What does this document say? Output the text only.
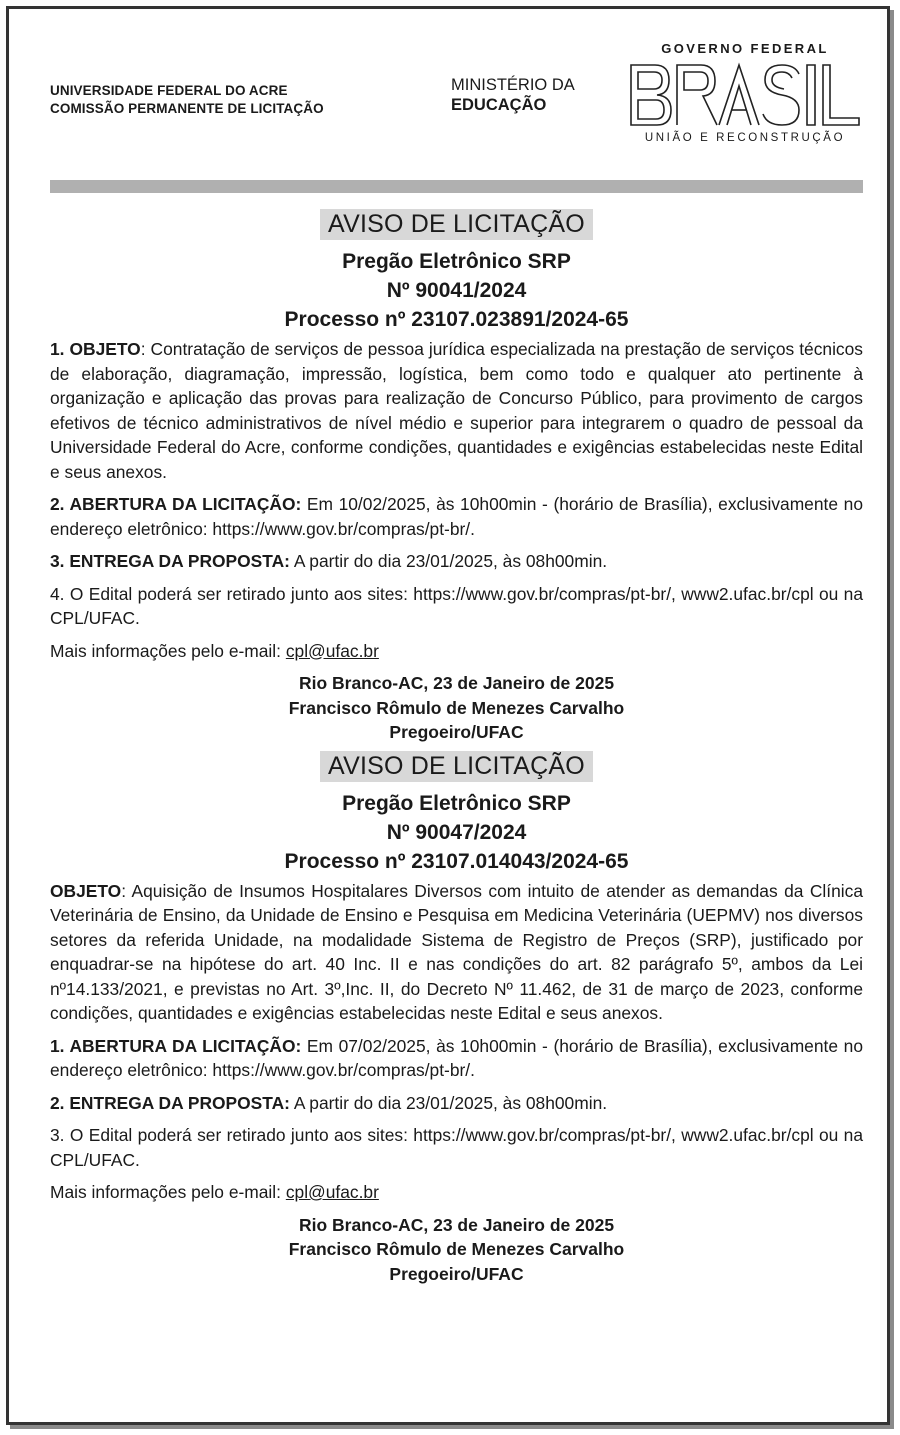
UNIVERSIDADE FEDERAL DO ACRE
COMISSÃO PERMANENTE DE LICITAÇÃO
MINISTÉRIO DA
EDUCAÇÃO
GOVERNO FEDERAL
UNIÃO E RECONSTRUÇÃO
AVISO DE LICITAÇÃO
Pregão Eletrônico SRP
Nº 90041/2024
Processo nº 23107.023891/2024-65

1. OBJETO: Contratação de serviços de pessoa jurídica especializada na prestação de serviços técnicos de elaboração, diagramação, impressão, logística, bem como todo e qualquer ato pertinente à organização e aplicação das provas para realização de Concurso Público, para provimento de cargos efetivos de técnico administrativos de nível médio e superior para integrarem o quadro de pessoal da Universidade Federal do Acre, conforme condições, quantidades e exigências estabelecidas neste Edital e seus anexos.

2. ABERTURA DA LICITAÇÃO: Em 10/02/2025, às 10h00min - (horário de Brasília), exclusivamente no endereço eletrônico: https://www.gov.br/compras/pt-br/.

3. ENTREGA DA PROPOSTA: A partir do dia 23/01/2025, às 08h00min.

4. O Edital poderá ser retirado junto aos sites: https://www.gov.br/compras/pt-br/, www2.ufac.br/cpl ou na CPL/UFAC.

Mais informações pelo e-mail: cpl@ufac.br

Rio Branco-AC, 23 de Janeiro de 2025
Francisco Rômulo de Menezes Carvalho
Pregoeiro/UFAC
AVISO DE LICITAÇÃO
Pregão Eletrônico SRP
Nº 90047/2024
Processo nº 23107.014043/2024-65

OBJETO: Aquisição de Insumos Hospitalares Diversos com intuito de atender as demandas da Clínica Veterinária de Ensino, da Unidade de Ensino e Pesquisa em Medicina Veterinária (UEPMV) nos diversos setores da referida Unidade, na modalidade Sistema de Registro de Preços (SRP), justificado por enquadrar-se na hipótese do art. 40 Inc. II e nas condições do art. 82 parágrafo 5º, ambos da Lei nº14.133/2021, e previstas no Art. 3º,Inc. II, do Decreto Nº 11.462, de 31 de março de 2023, conforme condições, quantidades e exigências estabelecidas neste Edital e seus anexos.

1. ABERTURA DA LICITAÇÃO: Em 07/02/2025, às 10h00min - (horário de Brasília), exclusivamente no endereço eletrônico: https://www.gov.br/compras/pt-br/.

2. ENTREGA DA PROPOSTA: A partir do dia 23/01/2025, às 08h00min.

3. O Edital poderá ser retirado junto aos sites: https://www.gov.br/compras/pt-br/, www2.ufac.br/cpl ou na CPL/UFAC.

Mais informações pelo e-mail: cpl@ufac.br

Rio Branco-AC, 23 de Janeiro de 2025
Francisco Rômulo de Menezes Carvalho
Pregoeiro/UFAC
